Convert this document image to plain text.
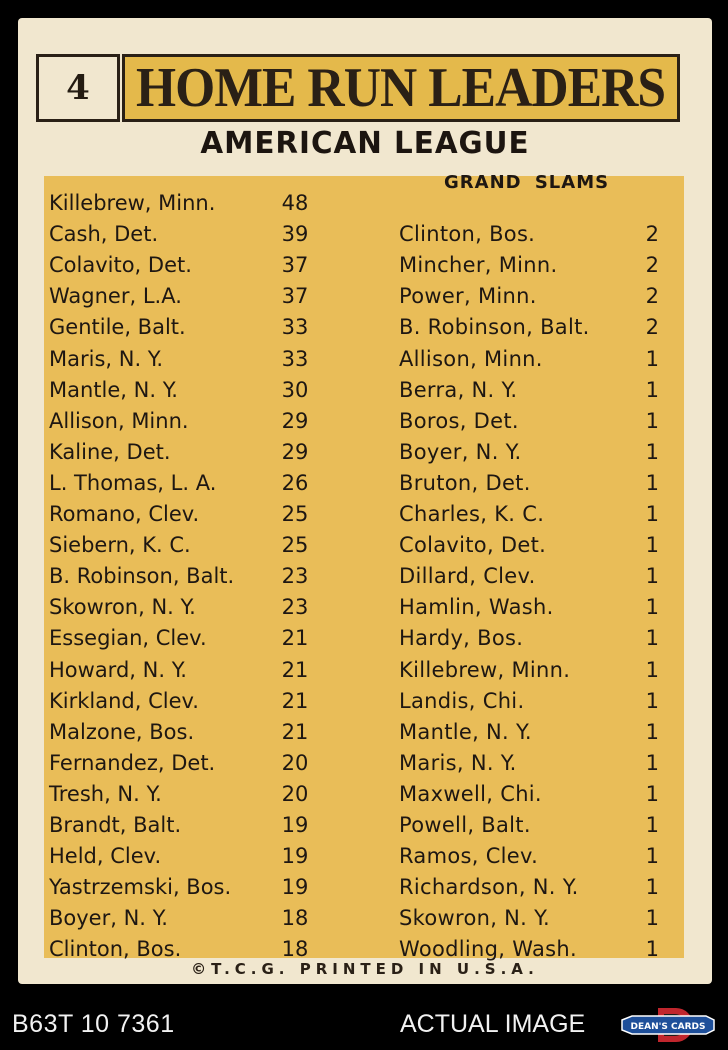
4 HOME RUN LEADERS
AMERICAN LEAGUE
GRAND SLAMS
Killebrew, Minn.	48
Cash, Det.	39	Clinton, Bos.	2
Colavito, Det.	37	Mincher, Minn.	2
Wagner, L.A.	37	Power, Minn.	2
Gentile, Balt.	33	B. Robinson, Balt.	2
Maris, N. Y.	33	Allison, Minn.	1
Mantle, N. Y.	30	Berra, N. Y.	1
Allison, Minn.	29	Boros, Det.	1
Kaline, Det.	29	Boyer, N. Y.	1
L. Thomas, L. A.	26	Bruton, Det.	1
Romano, Clev.	25	Charles, K. C.	1
Siebern, K. C.	25	Colavito, Det.	1
B. Robinson, Balt. 23	Dillard, Clev.	1
Skowron, N. Y.	23	Hamlin, Wash.	1
Essegian, Clev.	21	Hardy, Bos.	1
Howard, N. Y.	21	Killebrew, Minn.	1
Kirkland, Clev.	21	Landis, Chi.	1
Malzone, Bos.	21	Mantle, N. Y.	1
Fernandez, Det.	20	Maris, N. Y.	1
Tresh, N. Y.	20	Maxwell, Chi.	1
Brandt, Balt.	19	Powell, Balt.	1
Held, Clev.	19	Ramos, Clev.	1
Yastrzemski, Bos. 19	Richardson, N. Y.	1
Boyer, N. Y.	18	Skowron, N. Y.	1
Clinton, Bos.	18	Woodling, Wash.	1
©T.C.G. PRINTED IN U.S.A.
B63T 10 7361	ACTUAL IMAGE	DEAN'S CARDS
